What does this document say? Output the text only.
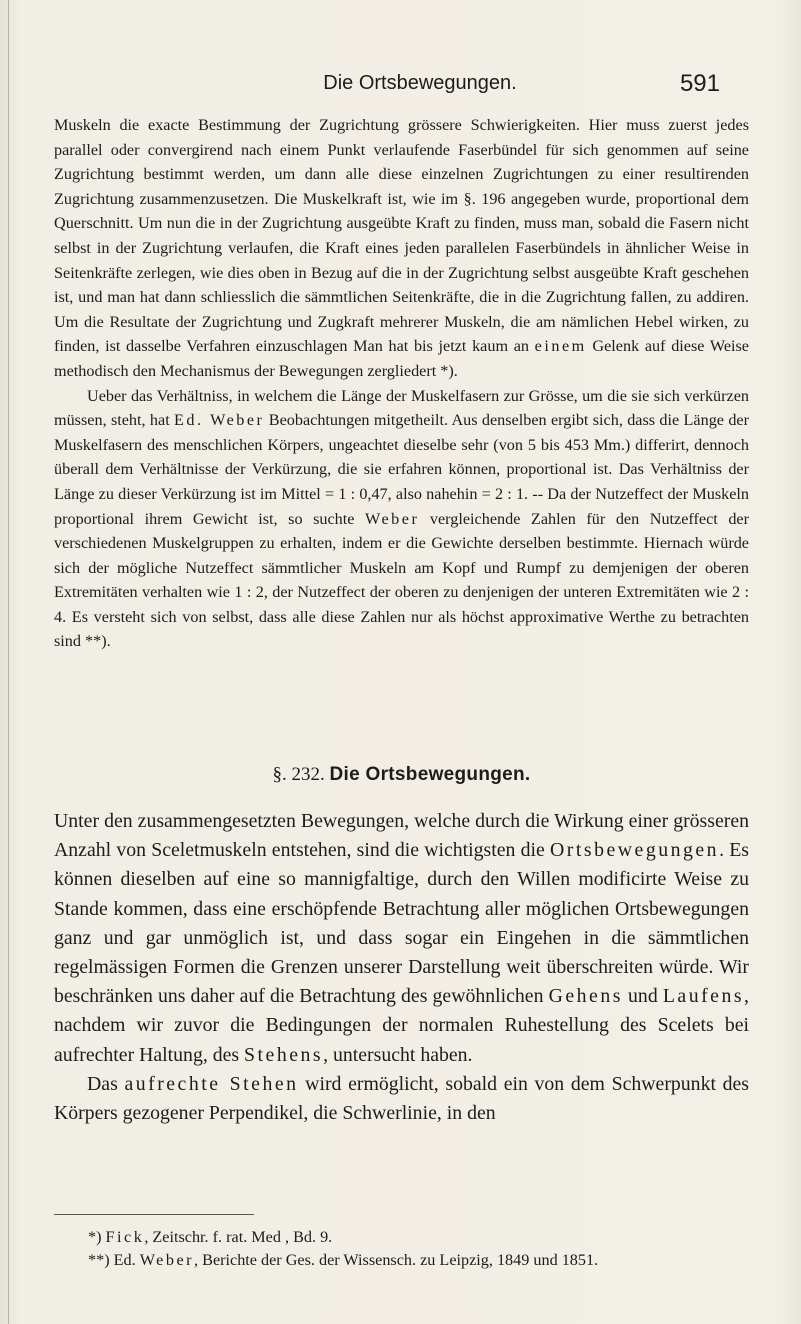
Die Ortsbewegungen.	591

Muskeln die exacte Bestimmung der Zugrichtung grössere Schwierigkeiten. Hier muss zuerst jedes parallel oder convergirend nach einem Punkt verlaufende Faserbündel für sich genommen auf seine Zugrichtung bestimmt werden, um dann alle diese einzelnen Zugrichtungen zu einer resultirenden Zugrichtung zusammenzusetzen. Die Muskelkraft ist, wie im §. 196 angegeben wurde, proportional dem Querschnitt. Um nun die in der Zugrichtung ausgeübte Kraft zu finden, muss man, sobald die Fasern nicht selbst in der Zugrichtung verlaufen, die Kraft eines jeden parallelen Faserbündels in ähnlicher Weise in Seitenkräfte zerlegen, wie dies oben in Bezug auf die in der Zugrichtung selbst ausgeübte Kraft geschehen ist, und man hat dann schliesslich die sämmtlichen Seitenkräfte, die in die Zugrichtung fallen, zu addiren. Um die Resultate der Zugrichtung und Zugkraft mehrerer Muskeln, die am nämlichen Hebel wirken, zu finden, ist dasselbe Verfahren einzuschlagen Man hat bis jetzt kaum an einem Gelenk auf diese Weise methodisch den Mechanismus der Bewegungen zergliedert *).

Ueber das Verhältniss, in welchem die Länge der Muskelfasern zur Grösse, um die sie sich verkürzen müssen, steht, hat Ed. Weber Beobachtungen mitgetheilt. Aus denselben ergibt sich, dass die Länge der Muskelfasern des menschlichen Körpers, ungeachtet dieselbe sehr (von 5 bis 453 Mm.) differirt, dennoch überall dem Verhältnisse der Verkürzung, die sie erfahren können, proportional ist. Das Verhältniss der Länge zu dieser Verkürzung ist im Mittel = 1 : 0,47, also nahehin = 2 : 1. -- Da der Nutzeffect der Muskeln proportional ihrem Gewicht ist, so suchte Weber vergleichende Zahlen für den Nutzeffect der verschiedenen Muskelgruppen zu erhalten, indem er die Gewichte derselben bestimmte. Hiernach würde sich der mögliche Nutzeffect sämmtlicher Muskeln am Kopf und Rumpf zu demjenigen der oberen Extremitäten verhalten wie 1 : 2, der Nutzeffect der oberen zu denjenigen der unteren Extremitäten wie 2 : 4. Es versteht sich von selbst, dass alle diese Zahlen nur als höchst approximative Werthe zu betrachten sind **).

§. 232. Die Ortsbewegungen.

Unter den zusammengesetzten Bewegungen, welche durch die Wirkung einer grösseren Anzahl von Sceletmuskeln entstehen, sind die wichtigsten die Ortsbewegungen. Es können dieselben auf eine so mannigfaltige, durch den Willen modificirte Weise zu Stande kommen, dass eine erschöpfende Betrachtung aller möglichen Ortsbewegungen ganz und gar unmöglich ist, und dass sogar ein Eingehen in die sämmtlichen regelmässigen Formen die Grenzen unserer Darstellung weit überschreiten würde. Wir beschränken uns daher auf die Betrachtung des gewöhnlichen Gehens und Laufens, nachdem wir zuvor die Bedingungen der normalen Ruhestellung des Scelets bei aufrechter Haltung, des Stehens, untersucht haben.

Das aufrechte Stehen wird ermöglicht, sobald ein von dem Schwerpunkt des Körpers gezogener Perpendikel, die Schwerlinie, in den

*) Fick, Zeitschr. f. rat. Med , Bd. 9.
**) Ed. Weber, Berichte der Ges. der Wissensch. zu Leipzig, 1849 und 1851.
